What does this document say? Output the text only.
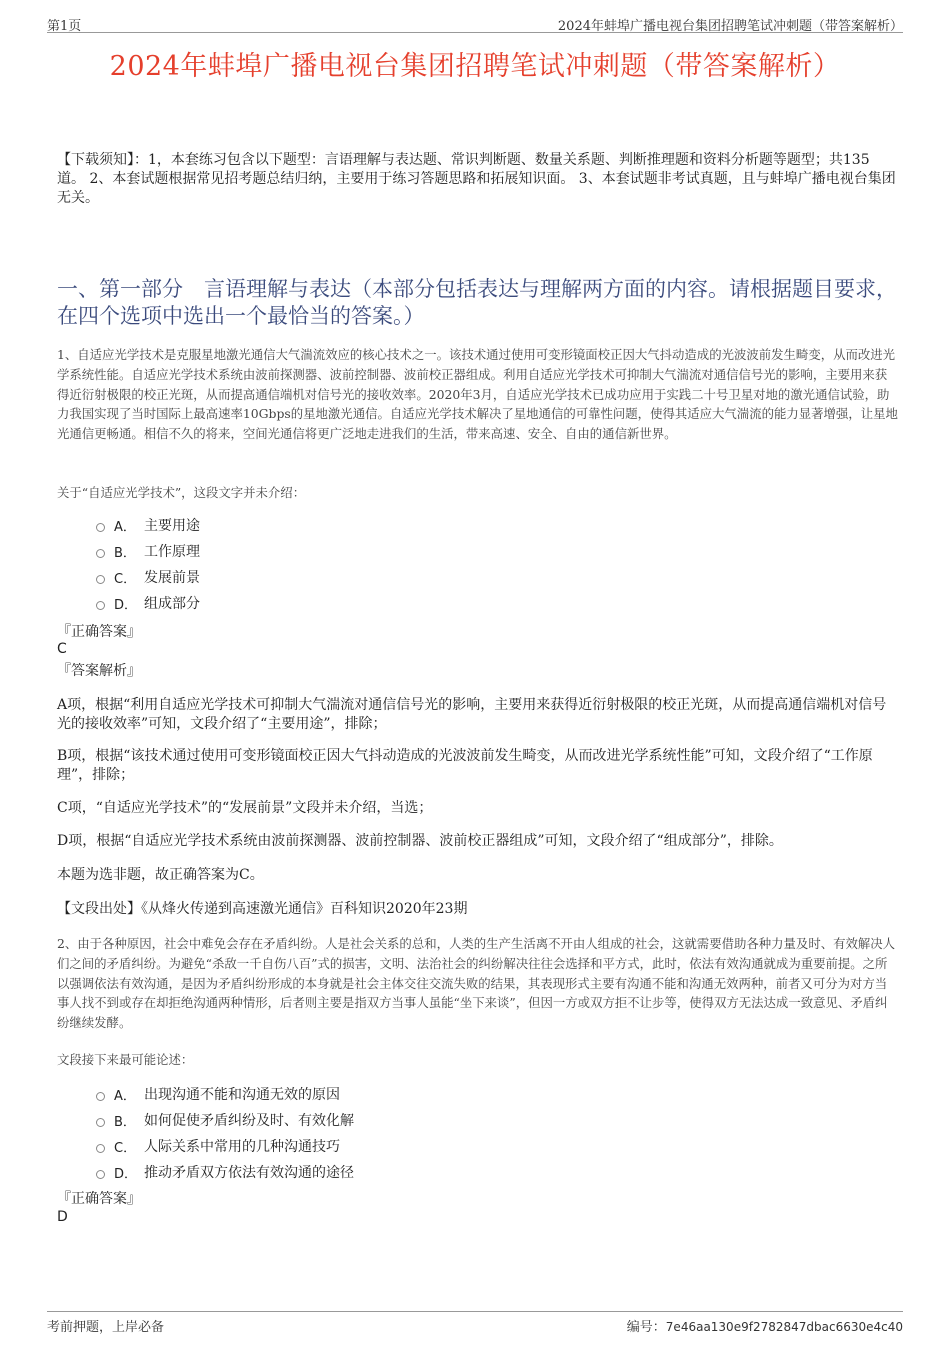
第1页	2024年蚌埠广播电视台集团招聘笔试冲刺题（带答案解析）
2024年蚌埠广播电视台集团招聘笔试冲刺题（带答案解析）
【下载须知】：1，本套练习包含以下题型：言语理解与表达题、常识判断题、数量关系题、判断推理题和资料分析题等题型；共135道。 2、本套试题根据常见招考题总结归纳，主要用于练习答题思路和拓展知识面。 3、本套试题非考试真题，且与蚌埠广播电视台集团无关。
一、第一部分　言语理解与表达（本部分包括表达与理解两方面的内容。请根据题目要求，在四个选项中选出一个最恰当的答案。）
1、自适应光学技术是克服星地激光通信大气湍流效应的核心技术之一。该技术通过使用可变形镜面校正因大气抖动造成的光波波前发生畸变，从而改进光学系统性能。自适应光学技术系统由波前探测器、波前控制器、波前校正器组成。利用自适应光学技术可抑制大气湍流对通信信号光的影响，主要用来获得近衍射极限的校正光斑，从而提高通信端机对信号光的接收效率。2020年3月，自适应光学技术已成功应用于实践二十号卫星对地的激光通信试验，助力我国实现了当时国际上最高速率10Gbps的星地激光通信。自适应光学技术解决了星地通信的可靠性问题，使得其适应大气湍流的能力显著增强，让星地光通信更畅通。相信不久的将来，空间光通信将更广泛地走进我们的生活，带来高速、安全、自由的通信新世界。
关于“自适应光学技术”，这段文字并未介绍：
A． 主要用途
B． 工作原理
C． 发展前景
D． 组成部分
『正确答案』
C
『答案解析』
A项，根据“利用自适应光学技术可抑制大气湍流对通信信号光的影响，主要用来获得近衍射极限的校正光斑，从而提高通信端机对信号光的接收效率”可知，文段介绍了“主要用途”，排除；
B项，根据“该技术通过使用可变形镜面校正因大气抖动造成的光波波前发生畸变，从而改进光学系统性能”可知，文段介绍了“工作原理”，排除；
C项，“自适应光学技术”的“发展前景”文段并未介绍，当选；
D项，根据“自适应光学技术系统由波前探测器、波前控制器、波前校正器组成”可知，文段介绍了“组成部分”，排除。
本题为选非题，故正确答案为C。
【文段出处】《从烽火传递到高速激光通信》百科知识2020年23期
2、由于各种原因，社会中难免会存在矛盾纠纷。人是社会关系的总和，人类的生产生活离不开由人组成的社会，这就需要借助各种力量及时、有效解决人们之间的矛盾纠纷。为避免“杀敌一千自伤八百”式的损害，文明、法治社会的纠纷解决往往会选择和平方式，此时，依法有效沟通就成为重要前提。之所以强调依法有效沟通，是因为矛盾纠纷形成的本身就是社会主体交往交流失败的结果，其表现形式主要有沟通不能和沟通无效两种，前者又可分为对方当事人找不到或存在却拒绝沟通两种情形，后者则主要是指双方当事人虽能“坐下来谈”，但因一方或双方拒不让步等，使得双方无法达成一致意见、矛盾纠纷继续发酵。
文段接下来最可能论述：
A． 出现沟通不能和沟通无效的原因
B． 如何促使矛盾纠纷及时、有效化解
C． 人际关系中常用的几种沟通技巧
D． 推动矛盾双方依法有效沟通的途径
『正确答案』
D
考前押题，上岸必备	编号：7e46aa130e9f2782847dbac6630e4c40
